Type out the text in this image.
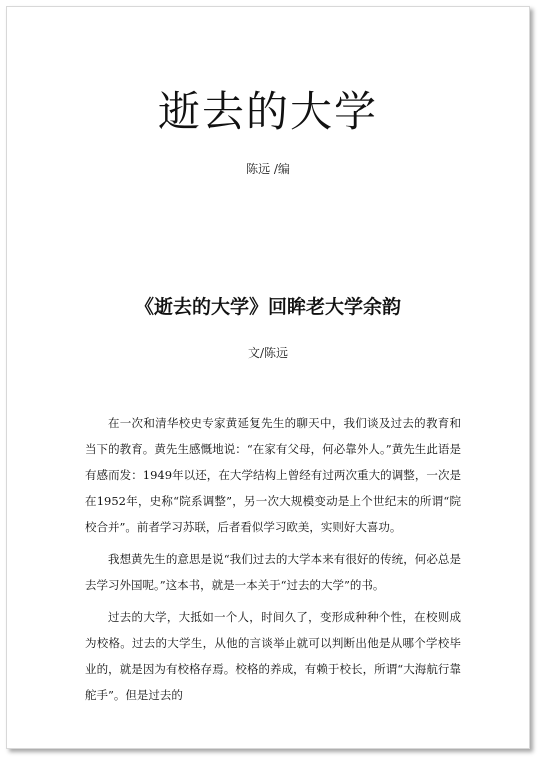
逝去的大学
陈远 /编
《逝去的大学》回眸老大学余韵
文/陈远

在一次和清华校史专家黄延复先生的聊天中，我们谈及过去的教育和当下的教育。黄先生感慨地说：“在家有父母，何必靠外人。”黄先生此语是有感而发：1949年以还，在大学结构上曾经有过两次重大的调整，一次是在1952年，史称“院系调整”，另一次大规模变动是上个世纪末的所谓“院校合并”。前者学习苏联，后者看似学习欧美，实则好大喜功。

我想黄先生的意思是说“我们过去的大学本来有很好的传统，何必总是去学习外国呢。”这本书，就是一本关于“过去的大学”的书。

过去的大学，大抵如一个人，时间久了，变形成种种个性，在校则成为校格。过去的大学生，从他的言谈举止就可以判断出他是从哪个学校毕业的，就是因为有校格存焉。校格的养成，有赖于校长，所谓“大海航行靠舵手”。但是过去的
